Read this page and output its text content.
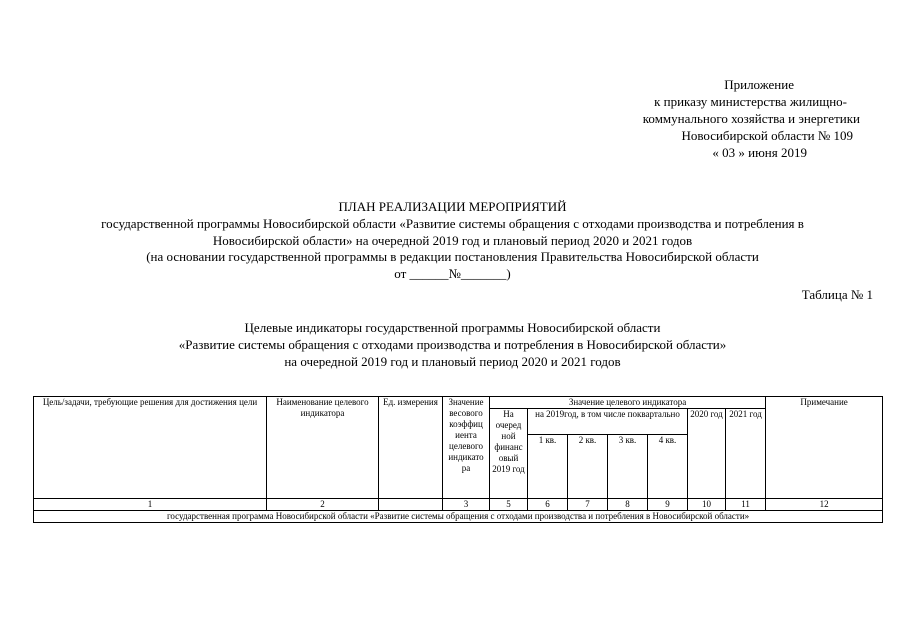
Приложение
к приказу министерства жилищно-
коммунального хозяйства и энергетики
Новосибирской области № 109
« 03 » июня 2019
ПЛАН РЕАЛИЗАЦИИ МЕРОПРИЯТИЙ
государственной программы Новосибирской области «Развитие системы обращения с отходами производства и потребления в
Новосибирской области» на очередной 2019 год и плановый период 2020 и 2021 годов
(на основании государственной программы в редакции постановления Правительства Новосибирской области
от ______№_______)
Таблица № 1
Целевые индикаторы государственной программы Новосибирской области
«Развитие системы обращения с отходами производства и потребления в Новосибирской области»
на очередной 2019 год и плановый период 2020 и 2021 годов
Цель/задачи, требующие решения для достижения цели	Наименование целевого индикатора	Ед. измерения	Значение весового коэффиц иента целевого индикато ра	Значение целевого индикатора							Примечание
				На очеред ной финанс овый 2019 год	на 2019год, в том числе поквартально				2020 год	2021 год	
					1 кв.	2 кв.	3 кв.	4 кв.			
1	2		3	5	6	7	8	9	10	11	12
государственная программа Новосибирской области «Развитие системы обращения с отходами производства и потребления в Новосибирской области»											
